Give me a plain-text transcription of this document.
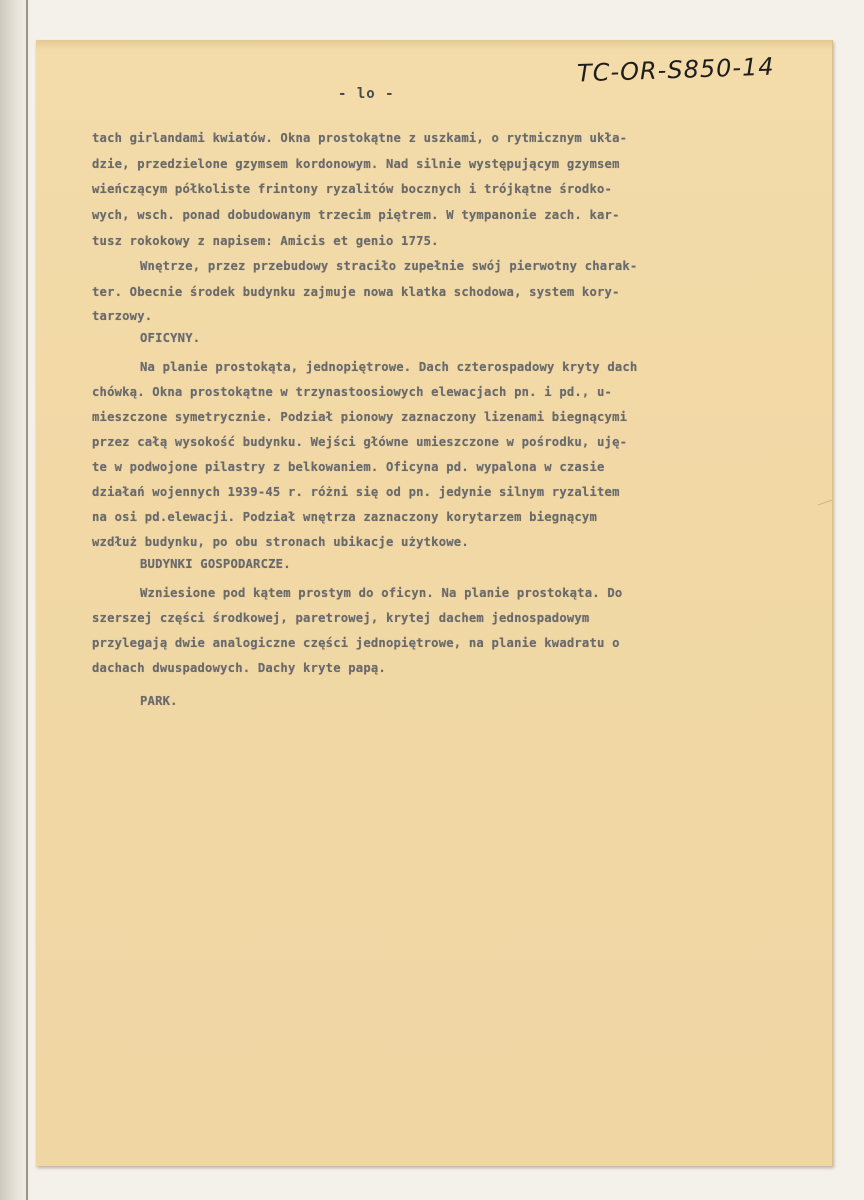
TC-OR-S850-14
- lo -
tach girlandami kwiatów. Okna prostokątne z uszkami, o rytmicznym ukła-
dzie, przedzielone gzymsem kordonowym. Nad silnie występującym gzymsem
wieńczącym półkoliste frintony ryzalitów bocznych i trójkątne środko-
wych, wsch. ponad dobudowanym trzecim piętrem. W tympanonie zach. kar-
tusz rokokowy z napisem: Amicis et genio 1775.
Wnętrze, przez przebudowy straciło zupełnie swój pierwotny charak-
ter. Obecnie środek budynku zajmuje nowa klatka schodowa, system kory-
tarzowy.
OFICYNY.
Na planie prostokąta, jednopiętrowe. Dach czterospadowy kryty dach
chówką. Okna prostokątne w trzynastoosiowych elewacjach pn. i pd., u-
mieszczone symetrycznie. Podział pionowy zaznaczony lizenami biegnącymi
przez całą wysokość budynku. Wejści główne umieszczone w pośrodku, uję-
te w podwojone pilastry z belkowaniem. Oficyna pd. wypalona w czasie
działań wojennych 1939-45 r. różni się od pn. jedynie silnym ryzalitem
na osi pd.elewacji. Podział wnętrza zaznaczony korytarzem biegnącym
wzdłuż budynku, po obu stronach ubikacje użytkowe.
BUDYNKI GOSPODARCZE.
Wzniesione pod kątem prostym do oficyn. Na planie prostokąta. Do
szerszej części środkowej, paretrowej, krytej dachem jednospadowym
przylegają dwie analogiczne części jednopiętrowe, na planie kwadratu o
dachach dwuspadowych. Dachy kryte papą.
PARK.
